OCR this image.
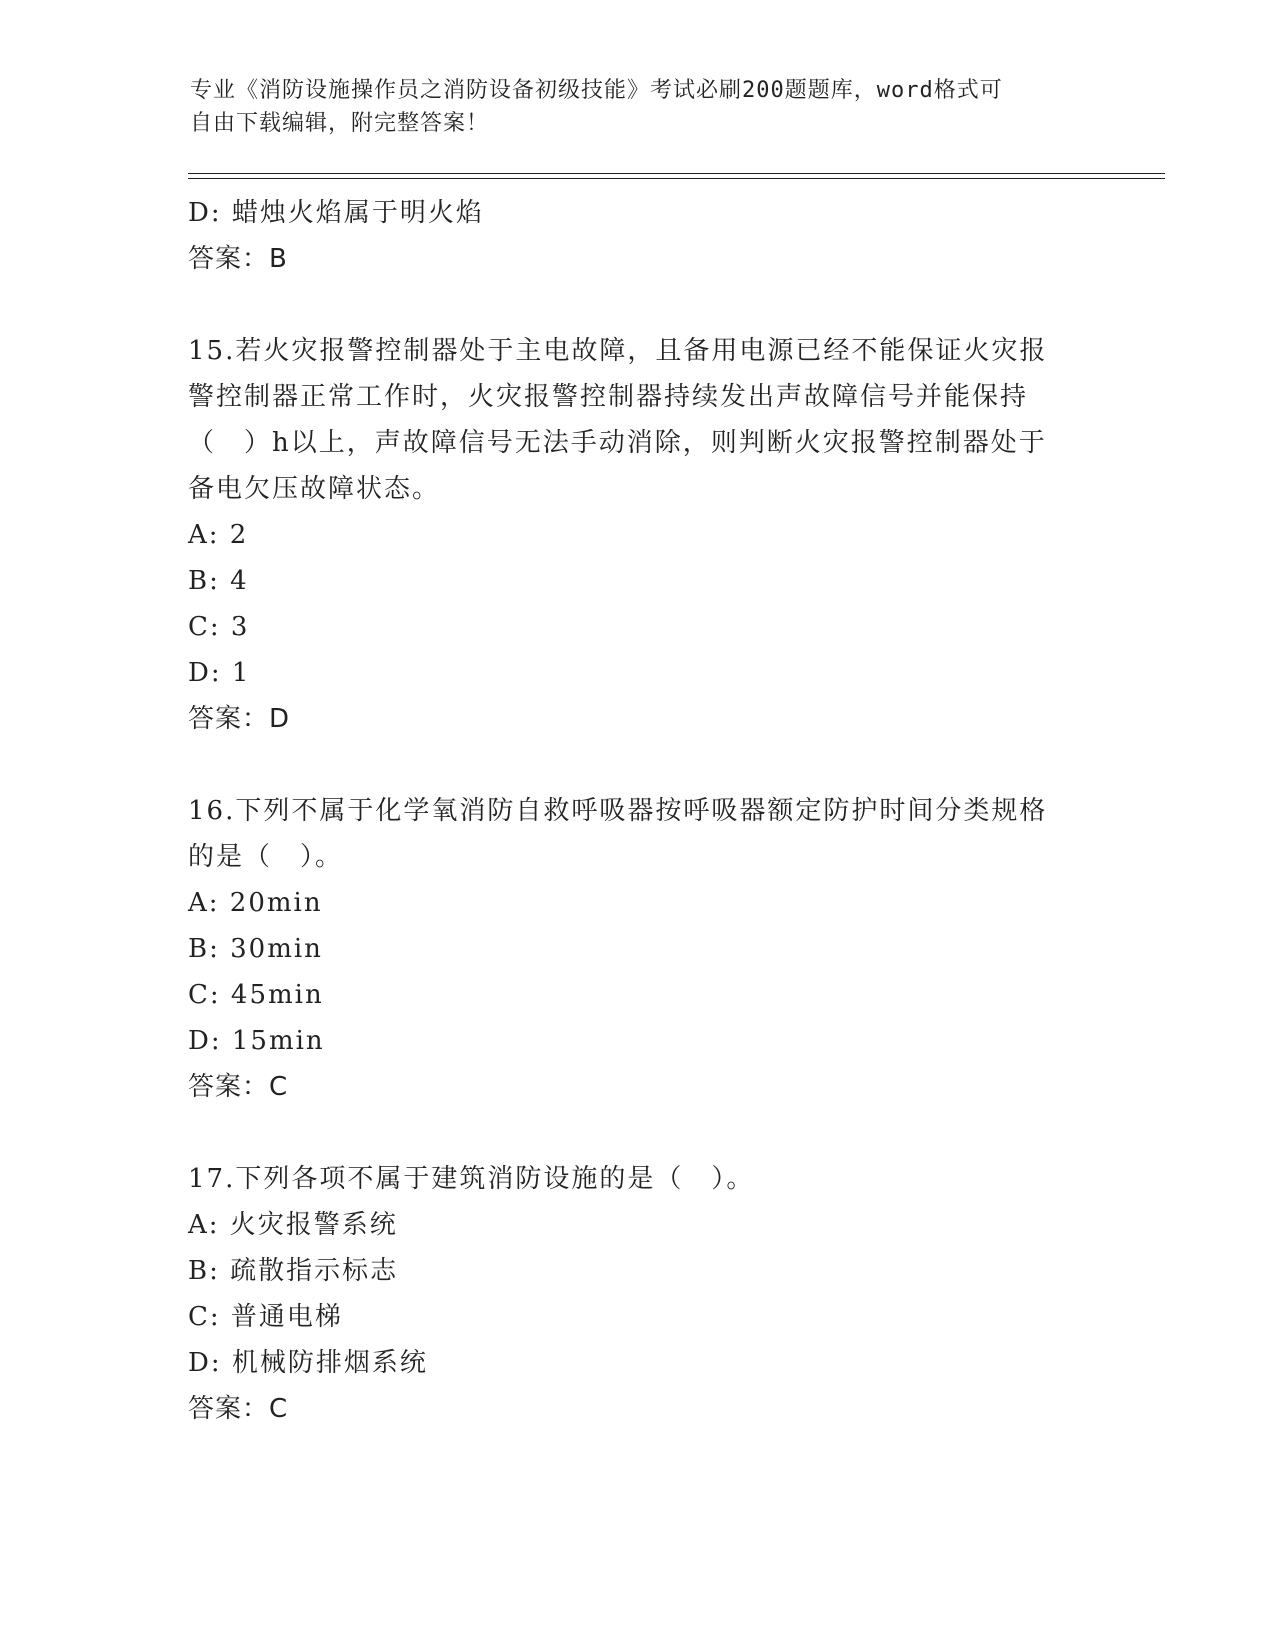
专业《消防设施操作员之消防设备初级技能》考试必刷200题题库，word格式可
自由下载编辑，附完整答案！
D: 蜡烛火焰属于明火焰
答案：B
15.若火灾报警控制器处于主电故障，且备用电源已经不能保证火灾报
警控制器正常工作时，火灾报警控制器持续发出声故障信号并能保持
（　）h以上，声故障信号无法手动消除，则判断火灾报警控制器处于
备电欠压故障状态。
A: 2
B: 4
C: 3
D: 1
答案：D
16.下列不属于化学氧消防自救呼吸器按呼吸器额定防护时间分类规格
的是（　）。
A: 20min
B: 30min
C: 45min
D: 15min
答案：C
17.下列各项不属于建筑消防设施的是（　）。
A: 火灾报警系统
B: 疏散指示标志
C: 普通电梯
D: 机械防排烟系统
答案：C
